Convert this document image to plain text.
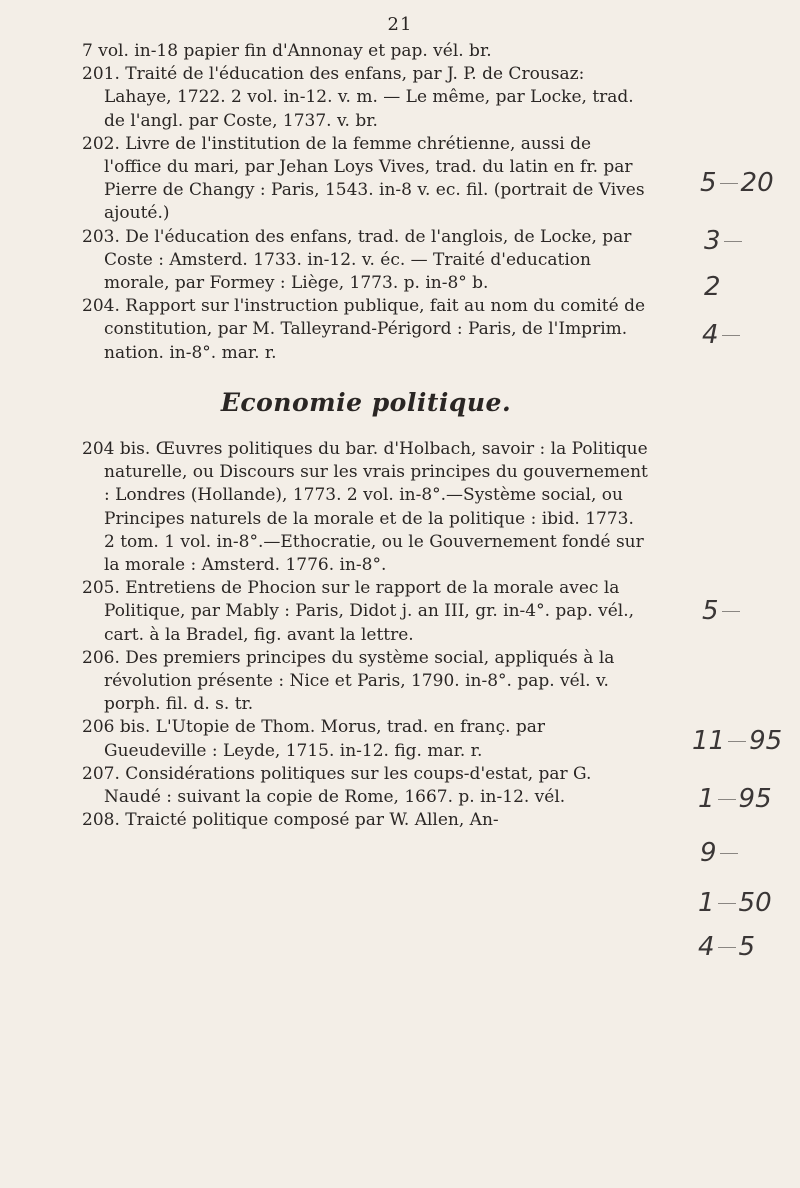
21

7 vol. in-18 papier fin d'Annonay et pap. vél. br.

201. Traité de l'éducation des enfans, par J. P. de Crousaz: Lahaye, 1722. 2 vol. in-12. v. m. — Le même, par Locke, trad. de l'angl. par Coste, 1737. v. br.

202. Livre de l'institution de la femme chrétienne, aussi de l'office du mari, par Jehan Loys Vives, trad. du latin en fr. par Pierre de Changy : Paris, 1543. in-8 v. ec. fil. (portrait de Vives ajouté.)

203. De l'éducation des enfans, trad. de l'anglois, de Locke, par Coste : Amsterd. 1733. in-12. v. éc. — Traité d'education morale, par Formey : Liège, 1773. p. in-8° b.

204. Rapport sur l'instruction publique, fait au nom du comité de constitution, par M. Talleyrand-Périgord : Paris, de l'Imprim. nation. in-8°. mar. r.

Economie politique.

204 bis. Œuvres politiques du bar. d'Holbach, savoir : la Politique naturelle, ou Discours sur les vrais principes du gouvernement : Londres (Hollande), 1773. 2 vol. in-8°.—Système social, ou Principes naturels de la morale et de la politique : ibid. 1773. 2 tom. 1 vol. in-8°.—Ethocratie, ou le Gouvernement fondé sur la morale : Amsterd. 1776. in-8°.

205. Entretiens de Phocion sur le rapport de la morale avec la Politique, par Mably : Paris, Didot j. an III, gr. in-4°. pap. vél., cart. à la Bradel, fig. avant la lettre.

206. Des premiers principes du système social, appliqués à la révolution présente : Nice et Paris, 1790. in-8°. pap. vél. v. porph. fil. d. s. tr.

206 bis. L'Utopie de Thom. Morus, trad. en franç. par Gueudeville : Leyde, 1715. in-12. fig. mar. r.

207. Considérations politiques sur les coups-d'estat, par G. Naudé : suivant la copie de Rome, 1667. p. in-12. vél.

208. Traicté politique composé par W. Allen, An-

5 20
3
2
4
5
11 95
1 95
9
1 50
4 5
